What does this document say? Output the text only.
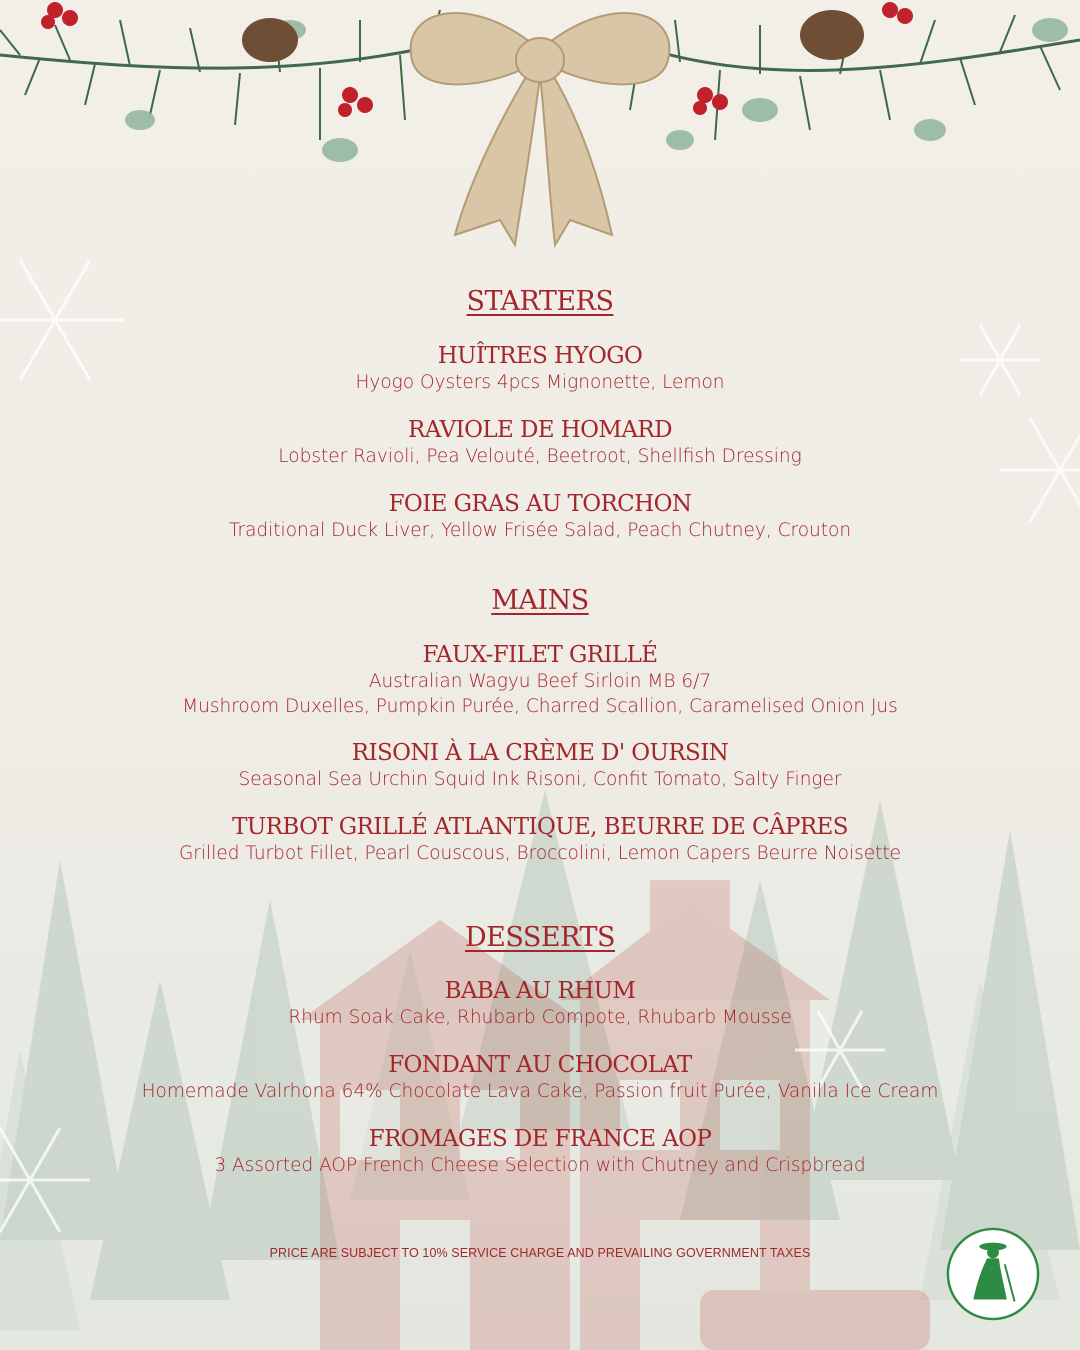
STARTERS
HUÎTRES HYOGO
Hyogo Oysters 4pcs Mignonette, Lemon
RAVIOLE DE HOMARD
Lobster Ravioli, Pea Velouté, Beetroot, Shellfish Dressing
FOIE GRAS AU TORCHON
Traditional Duck Liver, Yellow Frisée Salad, Peach Chutney, Crouton
MAINS
FAUX-FILET GRILLÉ
Australian Wagyu Beef Sirloin MB 6/7
Mushroom Duxelles, Pumpkin Purée, Charred Scallion, Caramelised Onion Jus
RISONI À LA CRÈME D' OURSIN
Seasonal Sea Urchin Squid Ink Risoni, Confit Tomato, Salty Finger
TURBOT GRILLÉ ATLANTIQUE, BEURRE DE CÂPRES
Grilled Turbot Fillet, Pearl Couscous, Broccolini, Lemon Capers Beurre Noisette
DESSERTS
BABA AU RHUM
Rhum Soak Cake, Rhubarb Compote, Rhubarb Mousse
FONDANT AU CHOCOLAT
Homemade Valrhona 64% Chocolate Lava Cake, Passion fruit Purée, Vanilla Ice Cream
FROMAGES DE FRANCE AOP
3 Assorted AOP French Cheese Selection with Chutney and Crispbread
PRICE ARE SUBJECT TO 10% SERVICE CHARGE AND PREVAILING GOVERNMENT TAXES
